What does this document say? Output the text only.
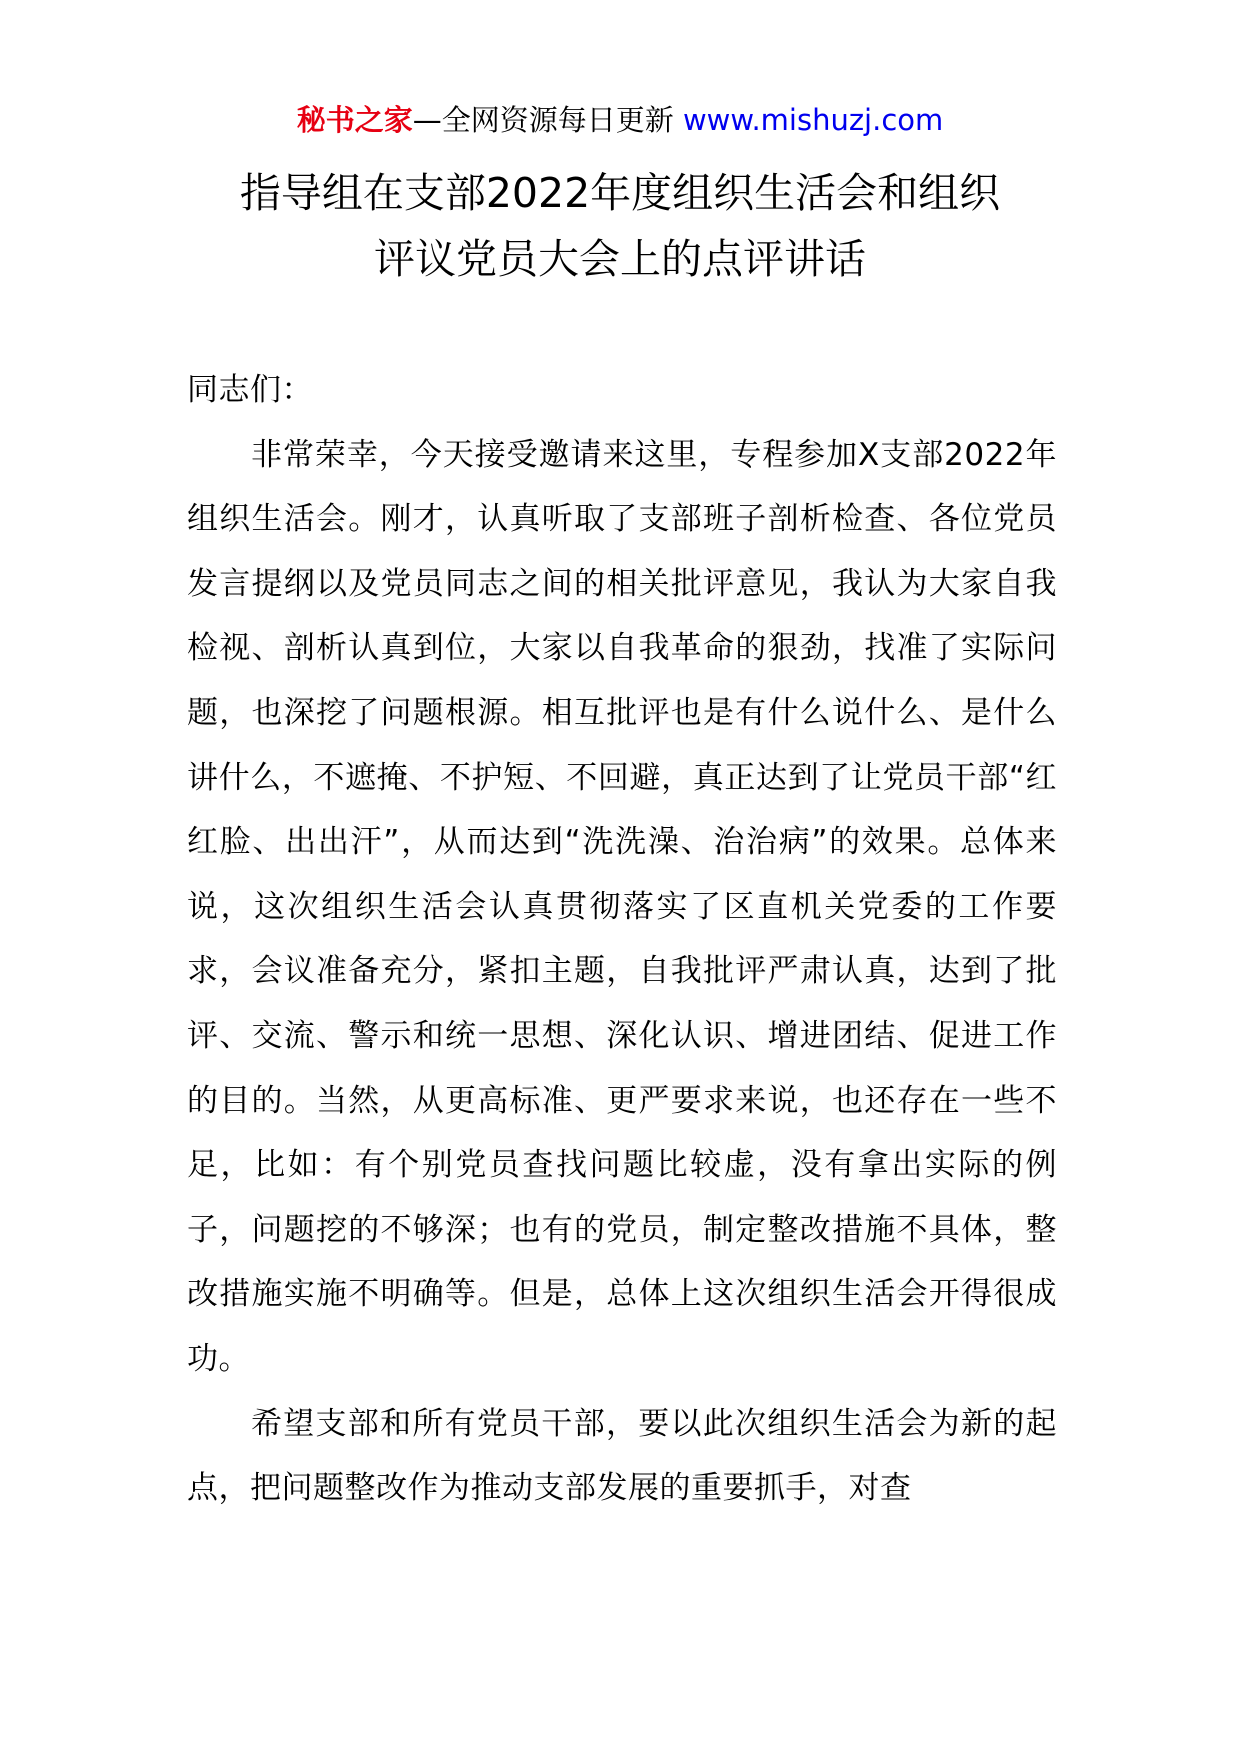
秘书之家—全网资源每日更新 www.mishuzj.com
指导组在支部2022年度组织生活会和组织
评议党员大会上的点评讲话

同志们：

非常荣幸，今天接受邀请来这里，专程参加X支部2022年组织生活会。刚才，认真听取了支部班子剖析检查、各位党员发言提纲以及党员同志之间的相关批评意见，我认为大家自我检视、剖析认真到位，大家以自我革命的狠劲，找准了实际问题，也深挖了问题根源。相互批评也是有什么说什么、是什么讲什么，不遮掩、不护短、不回避，真正达到了让党员干部“红红脸、出出汗”，从而达到“洗洗澡、治治病”的效果。总体来说，这次组织生活会认真贯彻落实了区直机关党委的工作要求，会议准备充分，紧扣主题，自我批评严肃认真，达到了批评、交流、警示和统一思想、深化认识、增进团结、促进工作的目的。当然，从更高标准、更严要求来说，也还存在一些不足，比如：有个别党员查找问题比较虚，没有拿出实际的例子，问题挖的不够深；也有的党员，制定整改措施不具体，整改措施实施不明确等。但是，总体上这次组织生活会开得很成功。

希望支部和所有党员干部，要以此次组织生活会为新的起点，把问题整改作为推动支部发展的重要抓手，对查
